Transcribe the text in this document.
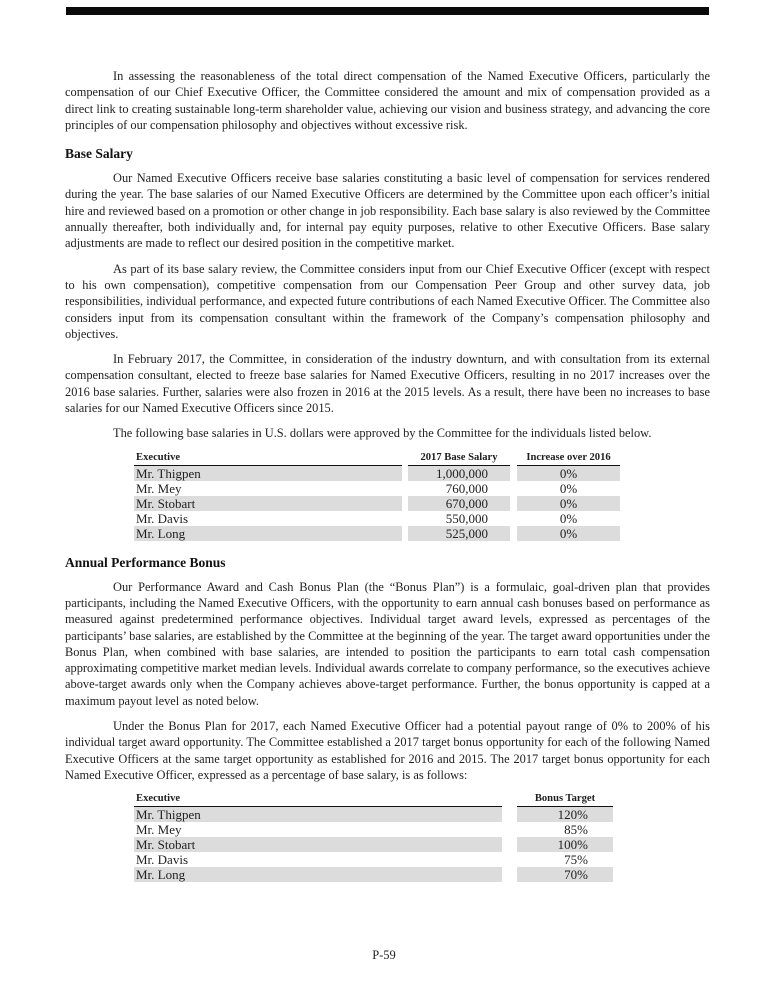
In assessing the reasonableness of the total direct compensation of the Named Executive Officers, particularly the compensation of our Chief Executive Officer, the Committee considered the amount and mix of compensation provided as a direct link to creating sustainable long-term shareholder value, achieving our vision and business strategy, and advancing the core principles of our compensation philosophy and objectives without excessive risk.

Base Salary

Our Named Executive Officers receive base salaries constituting a basic level of compensation for services rendered during the year. The base salaries of our Named Executive Officers are determined by the Committee upon each officer’s initial hire and reviewed based on a promotion or other change in job responsibility. Each base salary is also reviewed by the Committee annually thereafter, both individually and, for internal pay equity purposes, relative to other Executive Officers. Base salary adjustments are made to reflect our desired position in the competitive market.

As part of its base salary review, the Committee considers input from our Chief Executive Officer (except with respect to his own compensation), competitive compensation from our Compensation Peer Group and other survey data, job responsibilities, individual performance, and expected future contributions of each Named Executive Officer. The Committee also considers input from its compensation consultant within the framework of the Company’s compensation philosophy and objectives.

In February 2017, the Committee, in consideration of the industry downturn, and with consultation from its external compensation consultant, elected to freeze base salaries for Named Executive Officers, resulting in no 2017 increases over the 2016 base salaries. Further, salaries were also frozen in 2016 at the 2015 levels. As a result, there have been no increases to base salaries for our Named Executive Officers since 2015.

The following base salaries in U.S. dollars were approved by the Committee for the individuals listed below.

Executive	2017 Base Salary	Increase over 2016
Mr. Thigpen	1,000,000	0%
Mr. Mey	760,000	0%
Mr. Stobart	670,000	0%
Mr. Davis	550,000	0%
Mr. Long	525,000	0%
Annual Performance Bonus

Our Performance Award and Cash Bonus Plan (the “Bonus Plan”) is a formulaic, goal-driven plan that provides participants, including the Named Executive Officers, with the opportunity to earn annual cash bonuses based on performance as measured against predetermined performance objectives. Individual target award levels, expressed as percentages of the participants’ base salaries, are established by the Committee at the beginning of the year. The target award opportunities under the Bonus Plan, when combined with base salaries, are intended to position the participants to earn total cash compensation approximating competitive market median levels. Individual awards correlate to company performance, so the executives achieve above-target awards only when the Company achieves above-target performance. Further, the bonus opportunity is capped at a maximum payout level as noted below.

Under the Bonus Plan for 2017, each Named Executive Officer had a potential payout range of 0% to 200% of his individual target award opportunity. The Committee established a 2017 target bonus opportunity for each of the following Named Executive Officers at the same target opportunity as established for 2016 and 2015. The 2017 target bonus opportunity for each Named Executive Officer, expressed as a percentage of base salary, is as follows:

Executive	Bonus Target
Mr. Thigpen	120%
Mr. Mey	85%
Mr. Stobart	100%
Mr. Davis	75%
Mr. Long	70%
P-59
